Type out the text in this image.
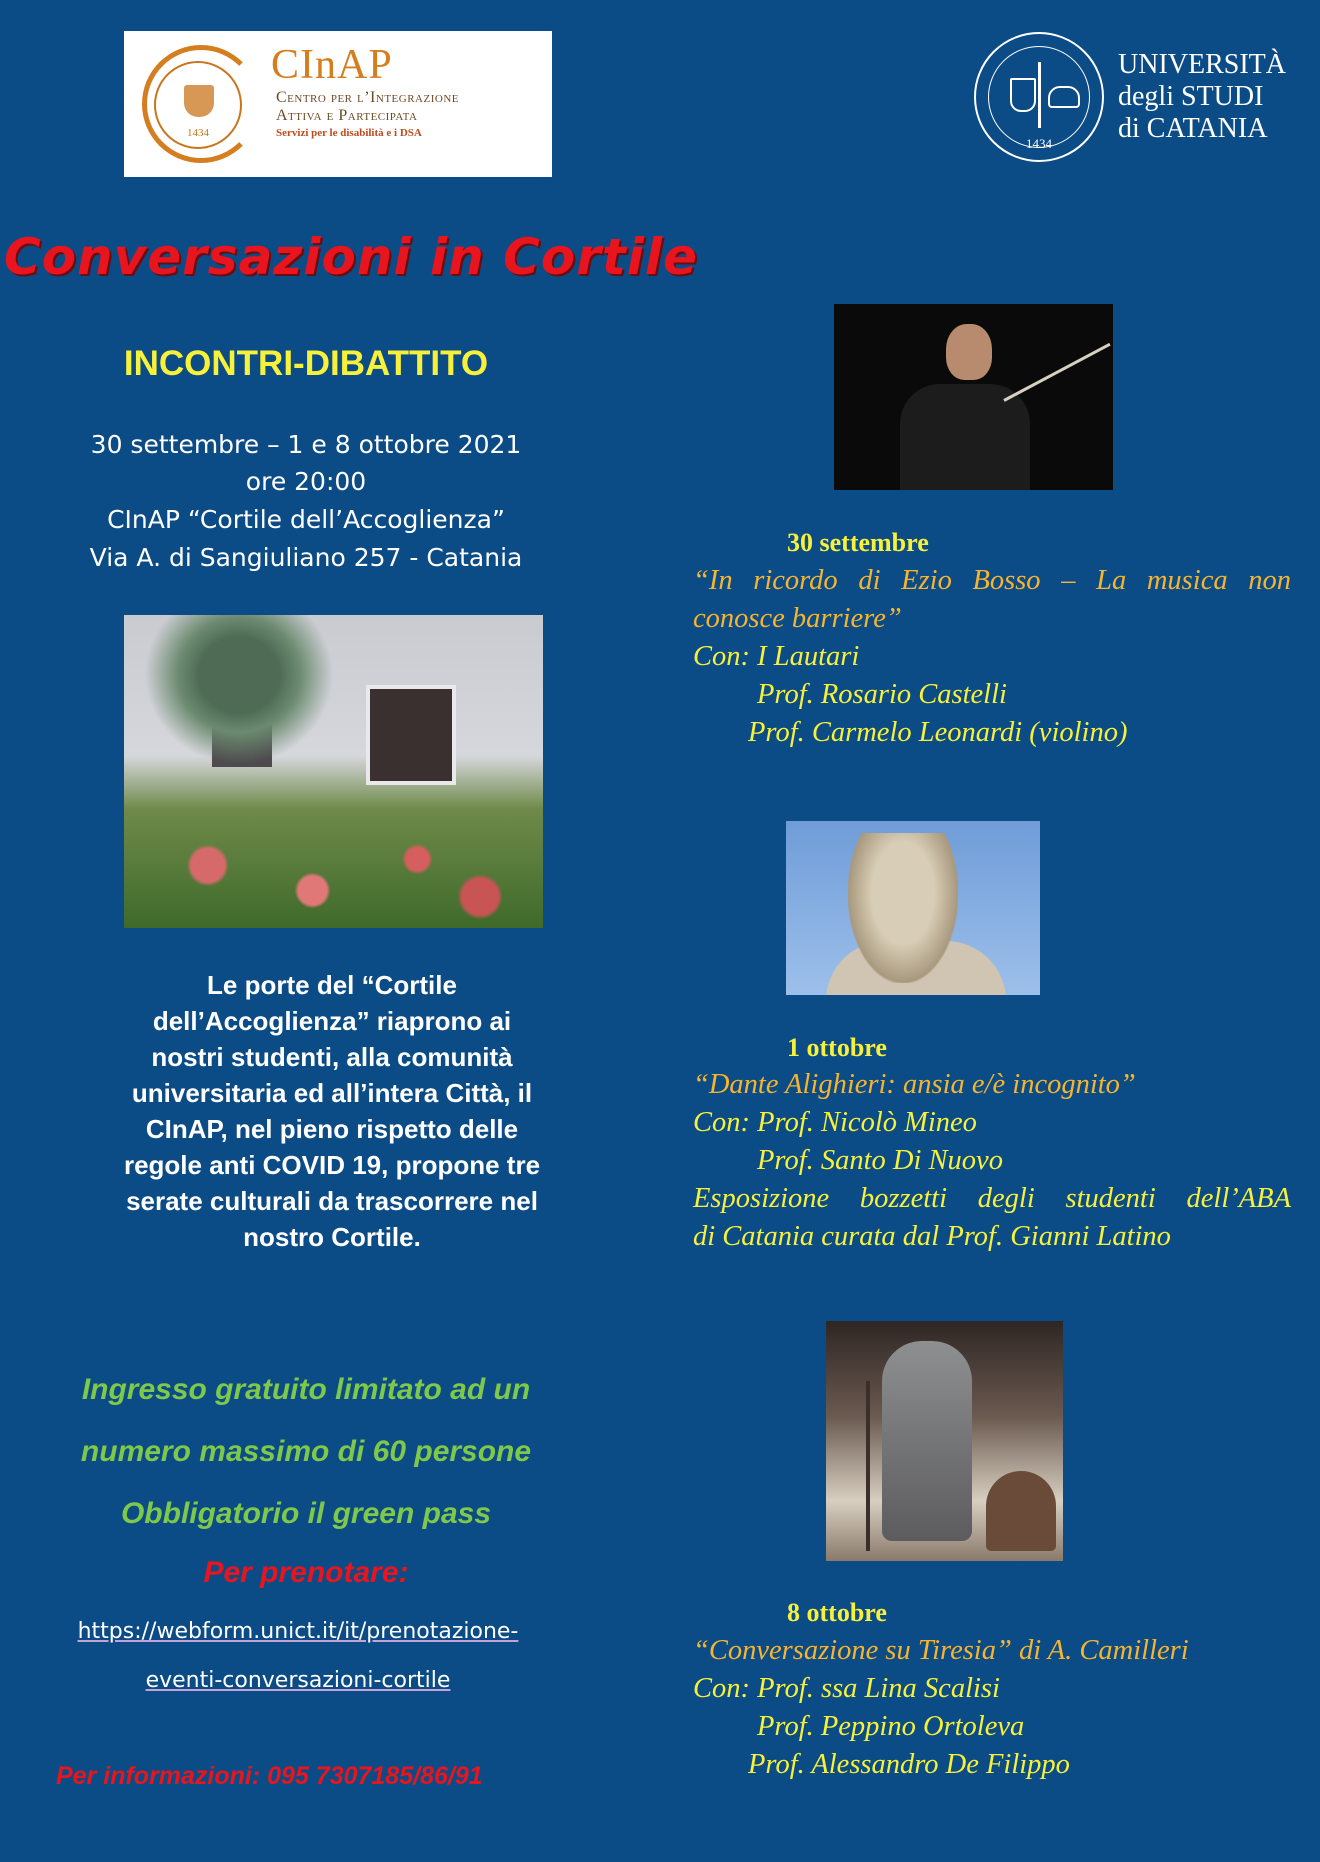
1434
CInAP
Centro per l’Integrazione
Attiva e Partecipata
Servizi per le disabilità e i DSA
1434
UNIVERSITÀ
degli STUDI
di CATANIA
Conversazioni in Cortile
INCONTRI-DIBATTITO
30 settembre – 1 e 8 ottobre 2021
ore 20:00
CInAP “Cortile dell’Accoglienza”
Via A. di Sangiuliano 257 - Catania
Le porte del “Cortile dell’Accoglienza” riaprono ai nostri studenti, alla comunità universitaria ed all’intera Città, il CInAP, nel pieno rispetto delle regole anti COVID 19, propone tre serate culturali da trascorrere nel nostro Cortile.
Ingresso gratuito limitato ad un
numero massimo di 60 persone
Obbligatorio il green pass
Per prenotare:
https://webform.unict.it/it/prenotazione-
eventi-conversazioni-cortile
Per informazioni: 095 7307185/86/91
30 settembre
“In ricordo di Ezio Bosso – La musica non
conosce barriere”
Con: I Lautari
Prof. Rosario Castelli
Prof. Carmelo Leonardi (violino)
1 ottobre
“Dante Alighieri: ansia e/è incognito”
Con: Prof. Nicolò Mineo
Prof. Santo Di Nuovo
Esposizione bozzetti degli studenti dell’ABA
di Catania curata dal Prof. Gianni Latino
8 ottobre
“Conversazione su Tiresia” di A. Camilleri
Con: Prof. ssa Lina Scalisi
Prof. Peppino Ortoleva
Prof. Alessandro De Filippo
